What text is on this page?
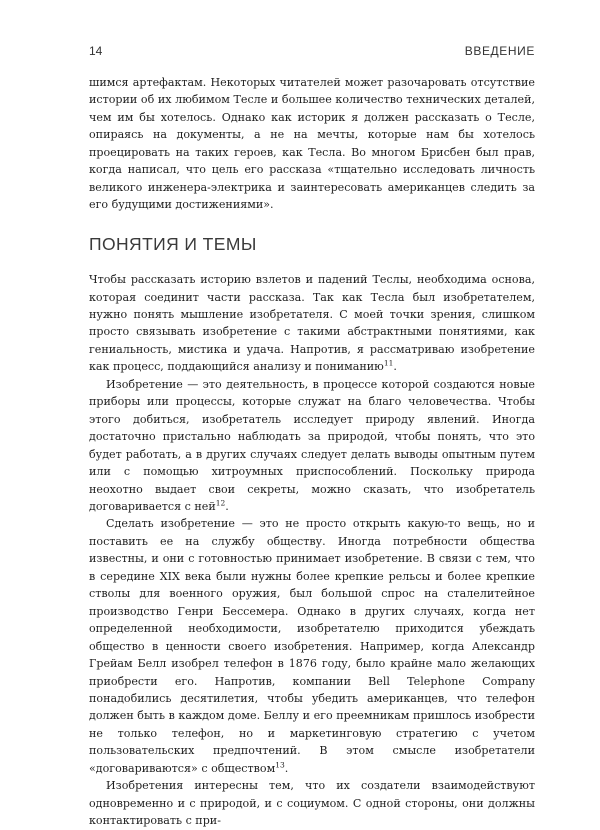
14	ВВЕДЕНИЕ

шимся артефактам. Некоторых читателей может разочаровать отсутствие истории об их любимом Тесле и большее количество технических деталей, чем им бы хотелось. Однако как историк я должен рассказать о Тесле, опираясь на документы, а не на мечты, которые нам бы хотелось проецировать на таких героев, как Тесла. Во многом Брисбен был прав, когда написал, что цель его рассказа «тщательно исследовать личность великого инженера-электрика и заинтересовать американцев следить за его будущими достижениями».

ПОНЯТИЯ И ТЕМЫ

Чтобы рассказать историю взлетов и падений Теслы, необходима основа, которая соединит части рассказа. Так как Тесла был изобретателем, нужно понять мышление изобретателя. С моей точки зрения, слишком просто связывать изобретение с такими абстрактными понятиями, как гениальность, мистика и удача. Напротив, я рассматриваю изобретение как процесс, поддающийся анализу и пониманию$^{11}$.

Изобретение — это деятельность, в процессе которой создаются новые приборы или процессы, которые служат на благо человечества. Чтобы этого добиться, изобретатель исследует природу явлений. Иногда достаточно пристально наблюдать за природой, чтобы понять, что это будет работать, а в других случаях следует делать выводы опытным путем или с помощью хитроумных приспособлений. Поскольку природа неохотно выдает свои секреты, можно сказать, что изобретатель договаривается с ней$^{12}$.

Сделать изобретение — это не просто открыть какую-то вещь, но и поставить ее на службу обществу. Иногда потребности общества известны, и они с готовностью принимает изобретение. В связи с тем, что в середине XIX века были нужны более крепкие рельсы и более крепкие стволы для военного оружия, был большой спрос на сталелитейное производство Генри Бессемера. Однако в других случаях, когда нет определенной необходимости, изобретателю приходится убеждать общество в ценности своего изобретения. Например, когда Александр Грейам Белл изобрел телефон в 1876 году, было крайне мало желающих приобрести его. Напротив, компании Bell Telephone Company понадобились десятилетия, чтобы убедить американцев, что телефон должен быть в каждом доме. Беллу и его преемникам пришлось изобрести не только телефон, но и маркетинговую стратегию с учетом пользовательских предпочтений. В этом смысле изобретатели «договариваются» с обществом$^{13}$.

Изобретения интересны тем, что их создатели взаимодействуют одновременно и с природой, и с социумом. С одной стороны, они должны контактировать с при-
